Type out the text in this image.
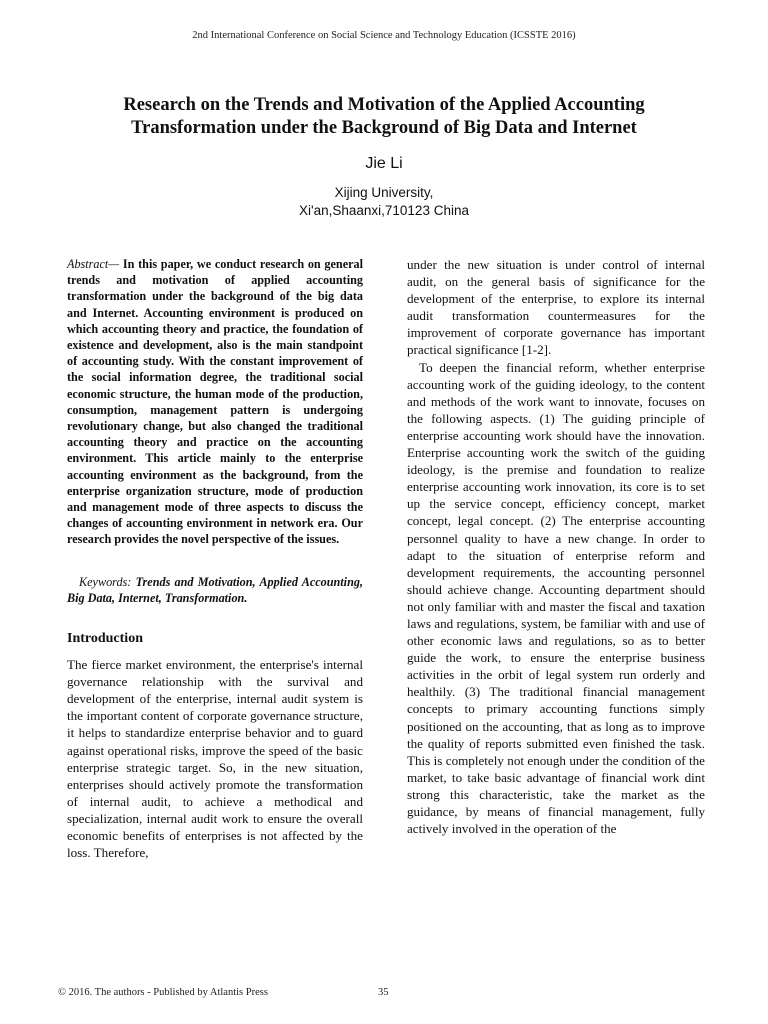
2nd International Conference on Social Science and Technology Education (ICSSTE 2016)
Research on the Trends and Motivation of the Applied Accounting
Transformation under the Background of Big Data and Internet
Jie Li
Xijing University,
Xi'an,Shaanxi,710123 China

Abstract— In this paper, we conduct research on general trends and motivation of applied accounting transformation under the background of the big data and Internet. Accounting environment is produced on which accounting theory and practice, the foundation of existence and development, also is the main standpoint of accounting study. With the constant improvement of the social information degree, the traditional social economic structure, the human mode of the production, consumption, management pattern is undergoing revolutionary change, but also changed the traditional accounting theory and practice on the accounting environment. This article mainly to the enterprise accounting environment as the background, from the enterprise organization structure, mode of production and management mode of three aspects to discuss the changes of accounting environment in network era. Our research provides the novel perspective of the issues.

Keywords: Trends and Motivation, Applied Accounting, Big Data, Internet, Transformation.
Introduction

The fierce market environment, the enterprise's internal governance relationship with the survival and development of the enterprise, internal audit system is the important content of corporate governance structure, it helps to standardize enterprise behavior and to guard against operational risks, improve the speed of the basic enterprise strategic target. So, in the new situation, enterprises should actively promote the transformation of internal audit, to achieve a methodical and specialization, internal audit work to ensure the overall economic benefits of enterprises is not affected by the loss. Therefore,

under the new situation is under control of internal audit, on the general basis of significance for the development of the enterprise, to explore its internal audit transformation countermeasures for the improvement of corporate governance has important practical significance [1-2].

To deepen the financial reform, whether enterprise accounting work of the guiding ideology, to the content and methods of the work want to innovate, focuses on the following aspects. (1) The guiding principle of enterprise accounting work should have the innovation. Enterprise accounting work the switch of the guiding ideology, is the premise and foundation to realize enterprise accounting work innovation, its core is to set up the service concept, efficiency concept, market concept, legal concept. (2) The enterprise accounting personnel quality to have a new change. In order to adapt to the situation of enterprise reform and development requirements, the accounting personnel should achieve change. Accounting department should not only familiar with and master the fiscal and taxation laws and regulations, system, be familiar with and use of other economic laws and regulations, so as to better guide the work, to ensure the enterprise business activities in the orbit of legal system run orderly and healthily. (3) The traditional financial management concepts to primary accounting functions simply positioned on the accounting, that as long as to improve the quality of reports submitted even finished the task. This is completely not enough under the condition of the market, to take basic advantage of financial work dint strong this characteristic, take the market as the guidance, by means of financial management, fully actively involved in the operation of the

© 2016. The authors - Published by Atlantis Press	35
